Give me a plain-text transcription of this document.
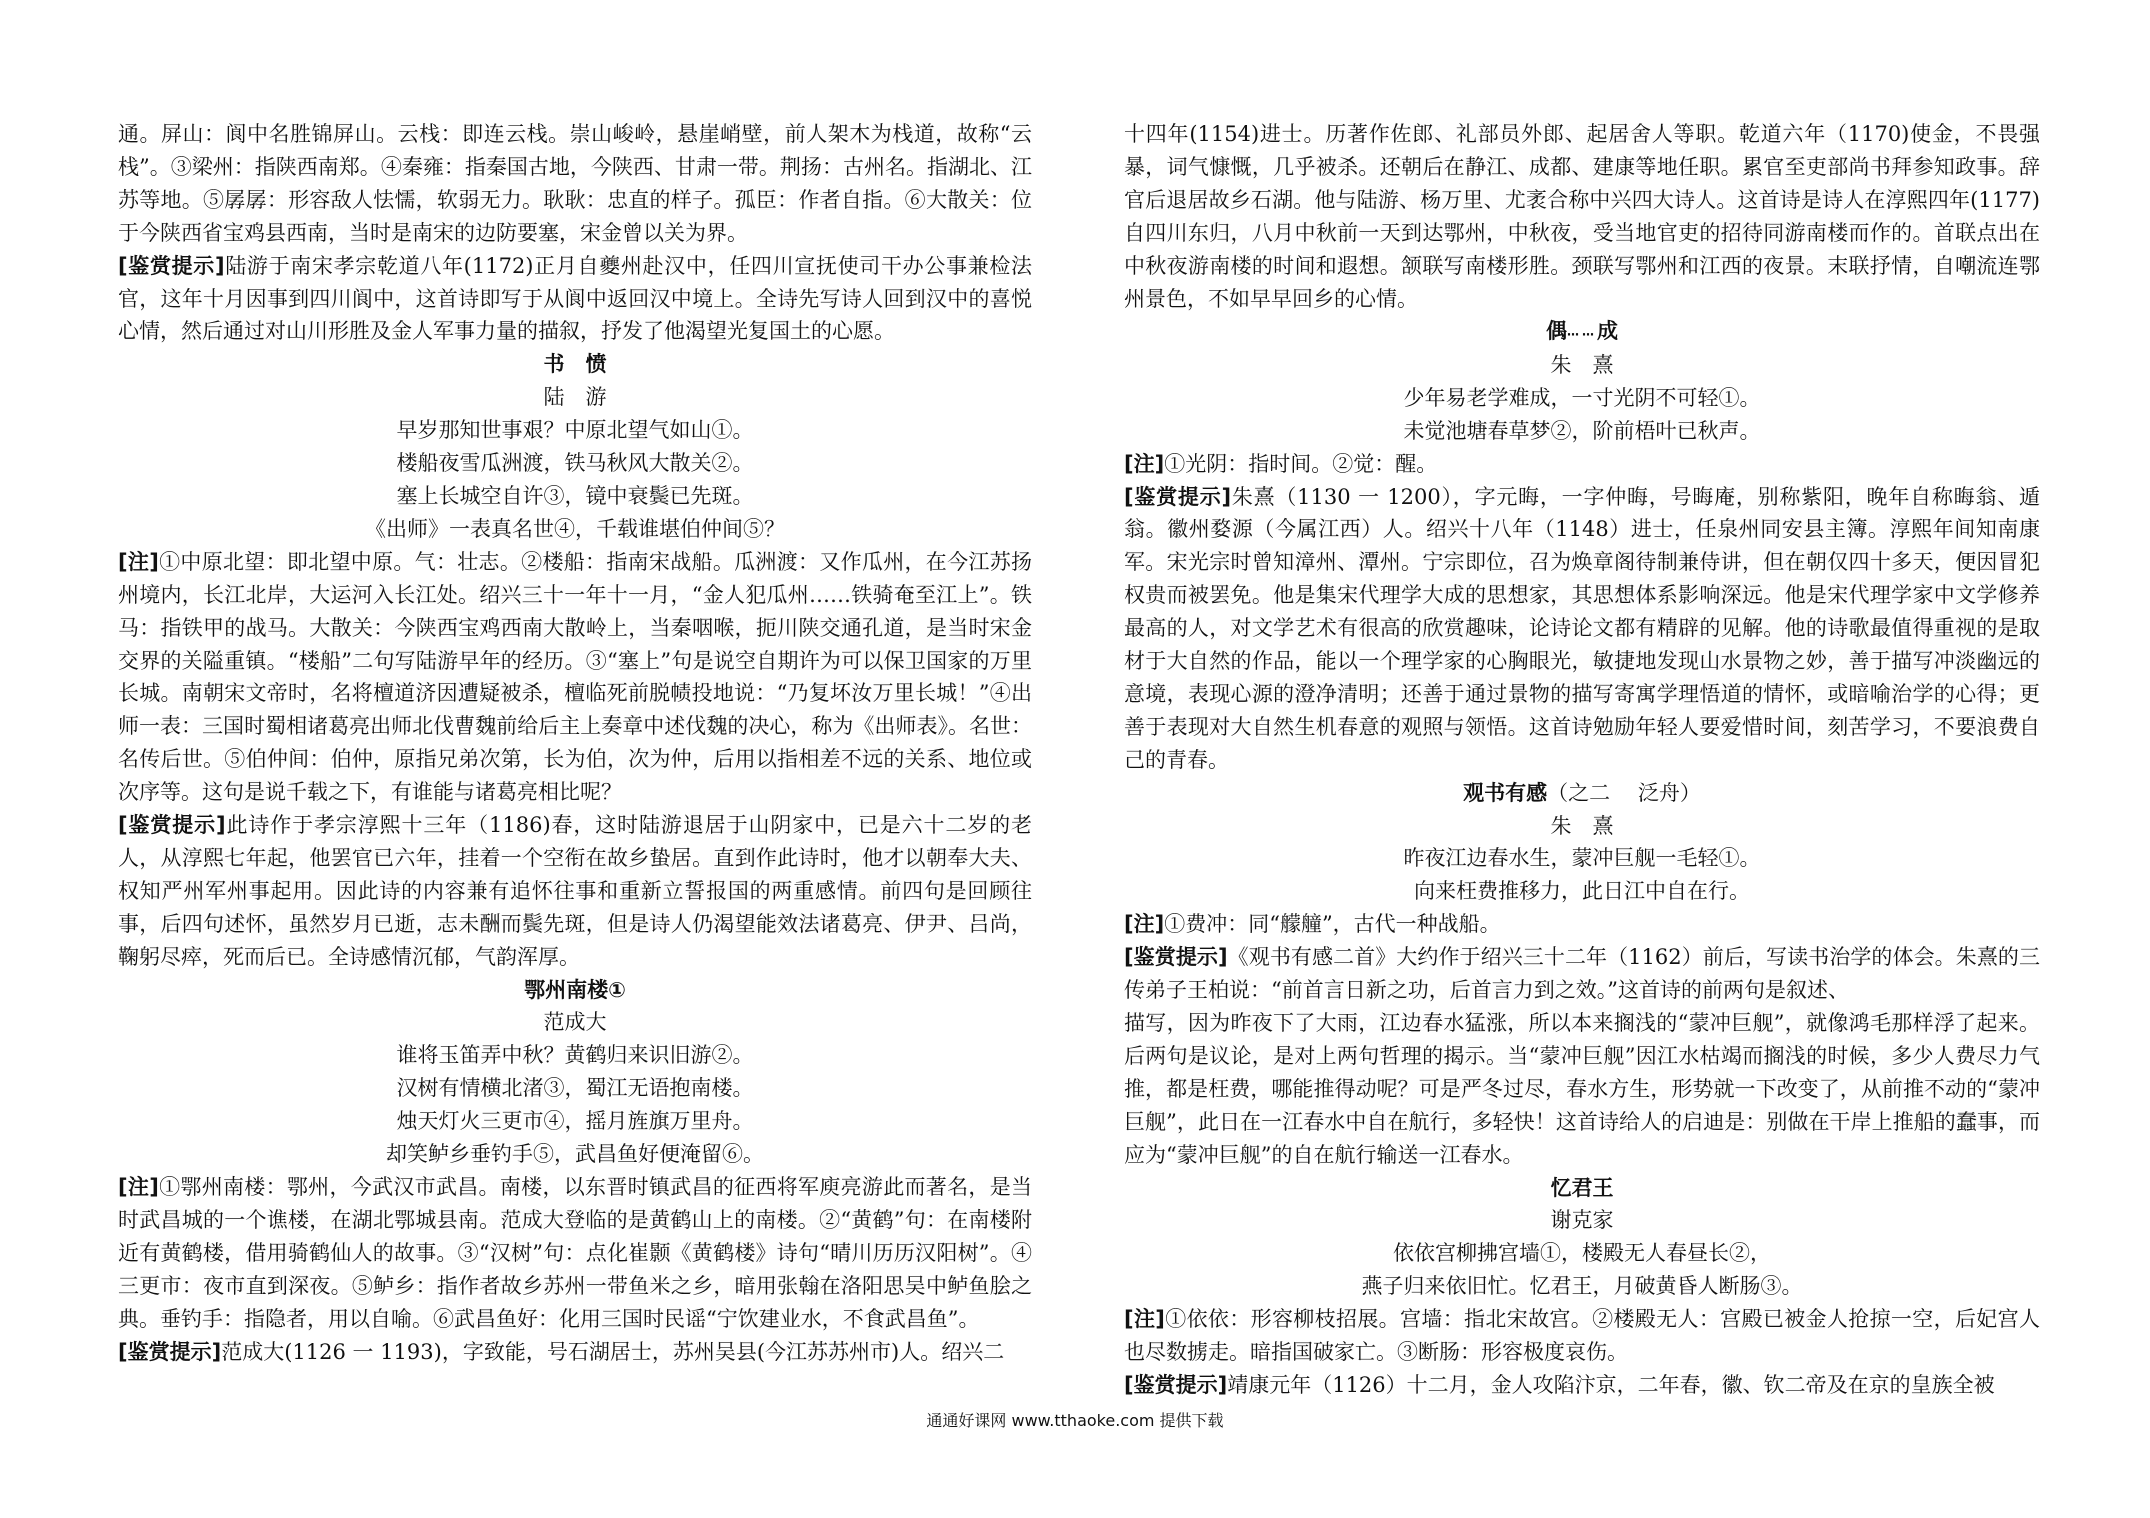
通。屏山：阆中名胜锦屏山。云栈：即连云栈。崇山峻岭，悬崖峭壁，前人架木为栈道，故称“云栈”。③梁州：指陕西南郑。④秦雍：指秦国古地，今陕西、甘肃一带。荆扬：古州名。指湖北、江苏等地。⑤孱孱：形容敌人怯懦，软弱无力。耿耿：忠直的样子。孤臣：作者自指。⑥大散关：位于今陕西省宝鸡县西南，当时是南宋的边防要塞，宋金曾以关为界。

[鉴赏提示]陆游于南宋孝宗乾道八年(1172)正月自夔州赴汉中，任四川宣抚使司干办公事兼检法官，这年十月因事到四川阆中，这首诗即写于从阆中返回汉中境上。全诗先写诗人回到汉中的喜悦心情，然后通过对山川形胜及金人军事力量的描叙，抒发了他渴望光复国土的心愿。

书　愤

陆　游

早岁那知世事艰？中原北望气如山①。

楼船夜雪瓜洲渡，铁马秋风大散关②。

塞上长城空自许③，镜中衰鬓已先斑。

《出师》一表真名世④，千载谁堪伯仲间⑤？

[注]①中原北望：即北望中原。气：壮志。②楼船：指南宋战船。瓜洲渡：又作瓜州，在今江苏扬州境内，长江北岸，大运河入长江处。绍兴三十一年十一月，“金人犯瓜州……铁骑奄至江上”。铁马：指铁甲的战马。大散关：今陕西宝鸡西南大散岭上，当秦咽喉，扼川陕交通孔道，是当时宋金交界的关隘重镇。“楼船”二句写陆游早年的经历。③“塞上”句是说空自期许为可以保卫国家的万里长城。南朝宋文帝时，名将檀道济因遭疑被杀，檀临死前脱帻投地说：“乃复坏汝万里长城！”④出师一表：三国时蜀相诸葛亮出师北伐曹魏前给后主上奏章中述伐魏的决心，称为《出师表》。名世：名传后世。⑤伯仲间：伯仲，原指兄弟次第，长为伯，次为仲，后用以指相差不远的关系、地位或次序等。这句是说千载之下，有谁能与诸葛亮相比呢？

[鉴赏提示]此诗作于孝宗淳熙十三年（1186)春，这时陆游退居于山阴家中，已是六十二岁的老人，从淳熙七年起，他罢官已六年，挂着一个空衔在故乡蛰居。直到作此诗时，他才以朝奉大夫、权知严州军州事起用。因此诗的内容兼有追怀往事和重新立誓报国的两重感情。前四句是回顾往事，后四句述怀，虽然岁月已逝，志未酬而鬓先斑，但是诗人仍渴望能效法诸葛亮、伊尹、吕尚，鞠躬尽瘁，死而后已。全诗感情沉郁，气韵浑厚。

鄂州南楼①

范成大

谁将玉笛弄中秋？黄鹤归来识旧游②。

汉树有情横北渚③，蜀江无语抱南楼。

烛天灯火三更市④，摇月旌旗万里舟。

却笑鲈乡垂钓手⑤，武昌鱼好便淹留⑥。

[注]①鄂州南楼：鄂州，今武汉市武昌。南楼，以东晋时镇武昌的征西将军庾亮游此而著名，是当时武昌城的一个谯楼，在湖北鄂城县南。范成大登临的是黄鹤山上的南楼。②“黄鹤”句：在南楼附近有黄鹤楼，借用骑鹤仙人的故事。③“汉树”句：点化崔颢《黄鹤楼》诗句“晴川历历汉阳树”。④三更市：夜市直到深夜。⑤鲈乡：指作者故乡苏州一带鱼米之乡，暗用张翰在洛阳思吴中鲈鱼脍之典。垂钓手：指隐者，用以自喻。⑥武昌鱼好：化用三国时民谣“宁饮建业水，不食武昌鱼”。

[鉴赏提示]范成大(1126 一 1193)，字致能，号石湖居士，苏州吴县(今江苏苏州市)人。绍兴二

十四年(1154)进士。历著作佐郎、礼部员外郎、起居舍人等职。乾道六年（1170)使金，不畏强暴，词气慷慨，几乎被杀。还朝后在静江、成都、建康等地任职。累官至吏部尚书拜参知政事。辞官后退居故乡石湖。他与陆游、杨万里、尤袤合称中兴四大诗人。这首诗是诗人在淳熙四年(1177)自四川东归，八月中秋前一天到达鄂州，中秋夜，受当地官吏的招待同游南楼而作的。首联点出在中秋夜游南楼的时间和遐想。颔联写南楼形胜。颈联写鄂州和江西的夜景。末联抒情，自嘲流连鄂州景色，不如早早回乡的心情。

偶……成

朱　熹

少年易老学难成，一寸光阴不可轻①。

未觉池塘春草梦②，阶前梧叶已秋声。

[注]①光阴：指时间。②觉：醒。

[鉴赏提示]朱熹（1130 一 1200），字元晦，一字仲晦，号晦庵，别称紫阳，晚年自称晦翁、遁翁。徽州婺源（今属江西）人。绍兴十八年（1148）进士，任泉州同安县主簿。淳熙年间知南康军。宋光宗时曾知漳州、潭州。宁宗即位，召为焕章阁待制兼侍讲，但在朝仅四十多天，便因冒犯权贵而被罢免。他是集宋代理学大成的思想家，其思想体系影响深远。他是宋代理学家中文学修养最高的人，对文学艺术有很高的欣赏趣味，论诗论文都有精辟的见解。他的诗歌最值得重视的是取材于大自然的作品，能以一个理学家的心胸眼光，敏捷地发现山水景物之妙，善于描写冲淡幽远的意境，表现心源的澄净清明；还善于通过景物的描写寄寓学理悟道的情怀，或暗喻治学的心得；更善于表现对大自然生机春意的观照与领悟。这首诗勉励年轻人要爱惜时间，刻苦学习，不要浪费自己的青春。

观书有感（之二　 泛舟）

朱　熹

昨夜江边春水生，蒙冲巨舰一毛轻①。

向来枉费推移力，此日江中自在行。

[注]①费冲：同“艨艟”，古代一种战船。

[鉴赏提示]《观书有感二首》大约作于绍兴三十二年（1162）前后，写读书治学的体会。朱熹的三传弟子王柏说：“前首言日新之功，后首言力到之效。”这首诗的前两句是叙述、

描写，因为昨夜下了大雨，江边春水猛涨，所以本来搁浅的“蒙冲巨舰”，就像鸿毛那样浮了起来。后两句是议论，是对上两句哲理的揭示。当“蒙冲巨舰”因江水枯竭而搁浅的时候，多少人费尽力气推，都是枉费，哪能推得动呢？可是严冬过尽，春水方生，形势就一下改变了，从前推不动的“蒙冲巨舰”，此日在一江春水中自在航行，多轻快！这首诗给人的启迪是：别做在干岸上推船的蠢事，而应为“蒙冲巨舰”的自在航行输送一江春水。

忆君王

谢克家

依依宫柳拂宫墙①，楼殿无人春昼长②，

燕子归来依旧忙。忆君王，月破黄昏人断肠③。

[注]①依依：形容柳枝招展。宫墙：指北宋故宫。②楼殿无人：宫殿已被金人抢掠一空，后妃宫人也尽数掳走。暗指国破家亡。③断肠：形容极度哀伤。

[鉴赏提示]靖康元年（1126）十二月，金人攻陷汴京，二年春，徽、钦二帝及在京的皇族全被

通通好课网 www.tthaoke.com 提供下载
